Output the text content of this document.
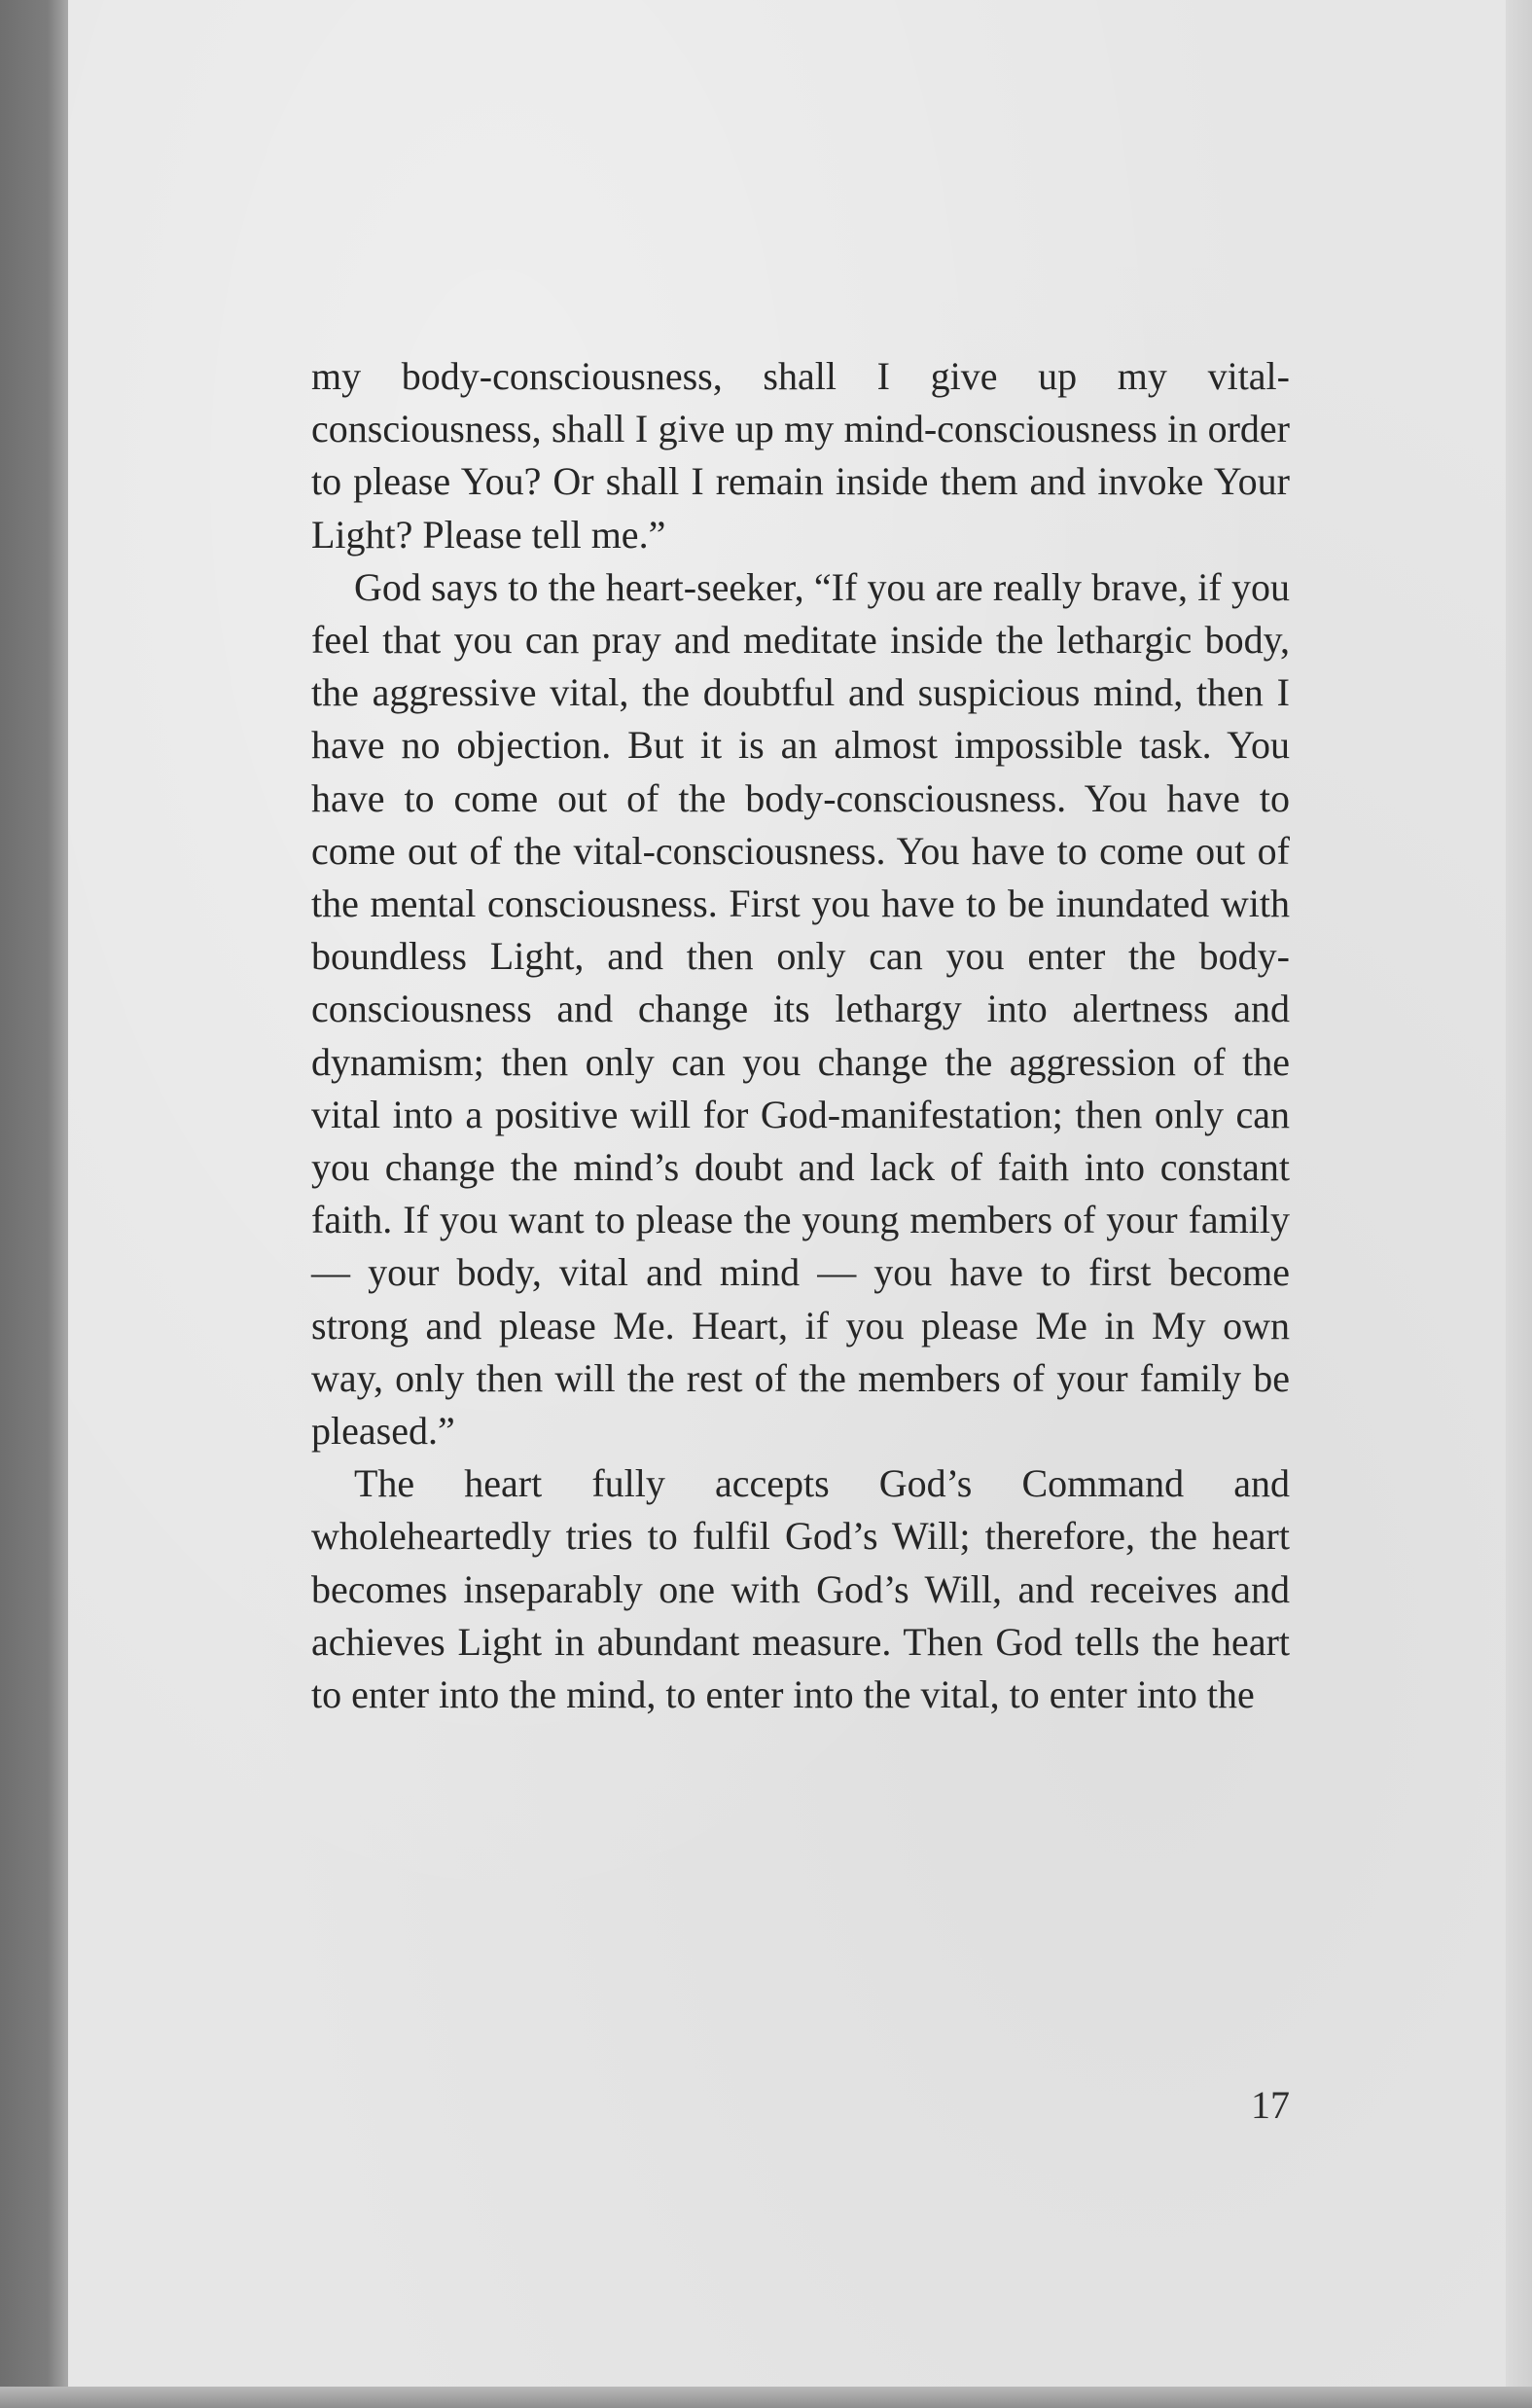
my body-consciousness, shall I give up my vital-consciousness, shall I give up my mind-consciousness in order to please You? Or shall I remain inside them and invoke Your Light? Please tell me.”

God says to the heart-seeker, “If you are really brave, if you feel that you can pray and meditate inside the lethargic body, the aggressive vital, the doubtful and suspicious mind, then I have no objection. But it is an almost impossible task. You have to come out of the body-consciousness. You have to come out of the vital-consciousness. You have to come out of the mental consciousness. First you have to be inundated with boundless Light, and then only can you enter the body-consciousness and change its lethargy into alertness and dynamism; then only can you change the aggression of the vital into a positive will for God-manifestation; then only can you change the mind’s doubt and lack of faith into constant faith. If you want to please the young members of your family — your body, vital and mind — you have to first become strong and please Me. Heart, if you please Me in My own way, only then will the rest of the members of your family be pleased.”

The heart fully accepts God’s Command and wholeheartedly tries to fulfil God’s Will; therefore, the heart becomes inseparably one with God’s Will, and receives and achieves Light in abundant measure. Then God tells the heart to enter into the mind, to enter into the vital, to enter into the

17
